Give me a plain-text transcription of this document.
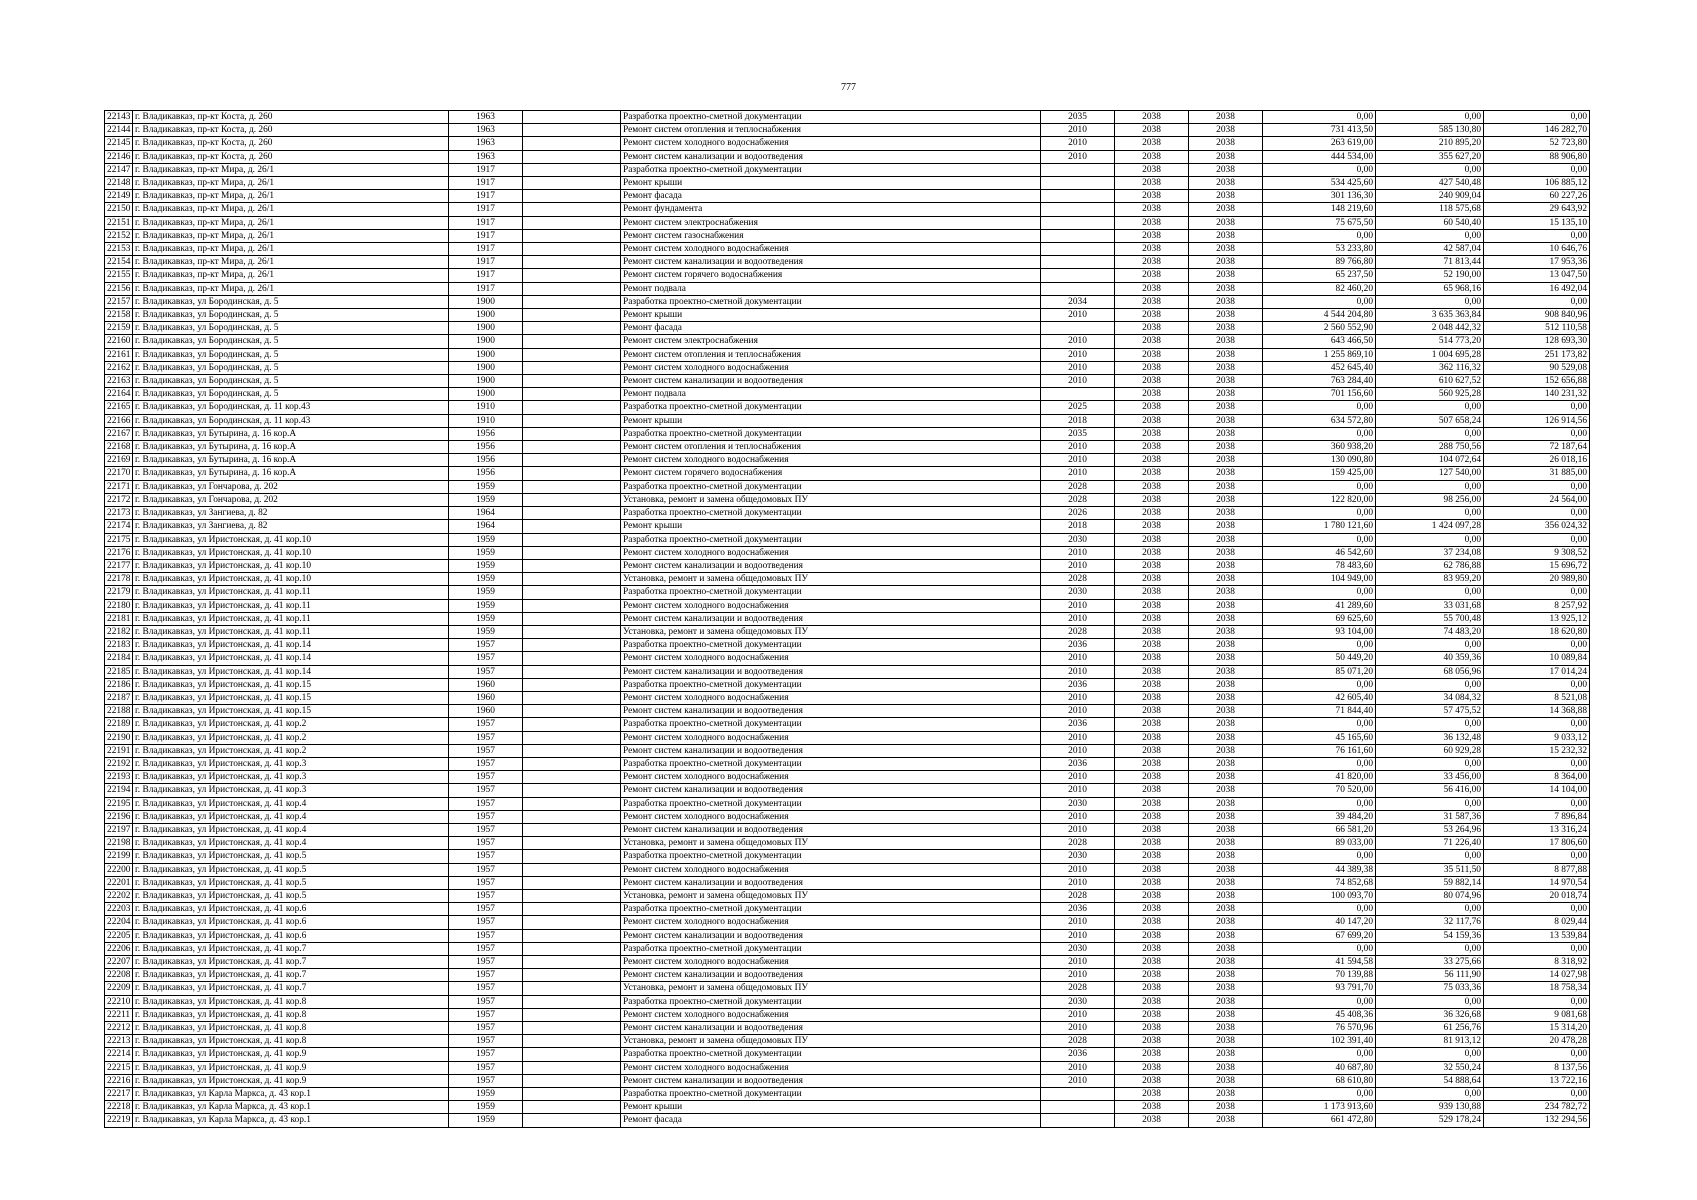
777
22143	г. Владикавказ, пр-кт Коста, д. 260	1963		Разработка проектно-сметной документации	2035	2038	2038	0,00	0,00	0,00
22144	г. Владикавказ, пр-кт Коста, д. 260	1963		Ремонт систем отопления и теплоснабжения	2010	2038	2038	731 413,50	585 130,80	146 282,70
22145	г. Владикавказ, пр-кт Коста, д. 260	1963		Ремонт систем холодного водоснабжения	2010	2038	2038	263 619,00	210 895,20	52 723,80
22146	г. Владикавказ, пр-кт Коста, д. 260	1963		Ремонт систем канализации и водоотведения	2010	2038	2038	444 534,00	355 627,20	88 906,80
22147	г. Владикавказ, пр-кт Мира, д. 26/1	1917		Разработка проектно-сметной документации		2038	2038	0,00	0,00	0,00
22148	г. Владикавказ, пр-кт Мира, д. 26/1	1917		Ремонт крыши		2038	2038	534 425,60	427 540,48	106 885,12
22149	г. Владикавказ, пр-кт Мира, д. 26/1	1917		Ремонт фасада		2038	2038	301 136,30	240 909,04	60 227,26
22150	г. Владикавказ, пр-кт Мира, д. 26/1	1917		Ремонт фундамента		2038	2038	148 219,60	118 575,68	29 643,92
22151	г. Владикавказ, пр-кт Мира, д. 26/1	1917		Ремонт систем электроснабжения		2038	2038	75 675,50	60 540,40	15 135,10
22152	г. Владикавказ, пр-кт Мира, д. 26/1	1917		Ремонт систем газоснабжения		2038	2038	0,00	0,00	0,00
22153	г. Владикавказ, пр-кт Мира, д. 26/1	1917		Ремонт систем холодного водоснабжения		2038	2038	53 233,80	42 587,04	10 646,76
22154	г. Владикавказ, пр-кт Мира, д. 26/1	1917		Ремонт систем канализации и водоотведения		2038	2038	89 766,80	71 813,44	17 953,36
22155	г. Владикавказ, пр-кт Мира, д. 26/1	1917		Ремонт систем горячего водоснабжения		2038	2038	65 237,50	52 190,00	13 047,50
22156	г. Владикавказ, пр-кт Мира, д. 26/1	1917		Ремонт подвала		2038	2038	82 460,20	65 968,16	16 492,04
22157	г. Владикавказ, ул Бородинская, д. 5	1900		Разработка проектно-сметной документации	2034	2038	2038	0,00	0,00	0,00
22158	г. Владикавказ, ул Бородинская, д. 5	1900		Ремонт крыши	2010	2038	2038	4 544 204,80	3 635 363,84	908 840,96
22159	г. Владикавказ, ул Бородинская, д. 5	1900		Ремонт фасада		2038	2038	2 560 552,90	2 048 442,32	512 110,58
22160	г. Владикавказ, ул Бородинская, д. 5	1900		Ремонт систем электроснабжения	2010	2038	2038	643 466,50	514 773,20	128 693,30
22161	г. Владикавказ, ул Бородинская, д. 5	1900		Ремонт систем отопления и теплоснабжения	2010	2038	2038	1 255 869,10	1 004 695,28	251 173,82
22162	г. Владикавказ, ул Бородинская, д. 5	1900		Ремонт систем холодного водоснабжения	2010	2038	2038	452 645,40	362 116,32	90 529,08
22163	г. Владикавказ, ул Бородинская, д. 5	1900		Ремонт систем канализации и водоотведения	2010	2038	2038	763 284,40	610 627,52	152 656,88
22164	г. Владикавказ, ул Бородинская, д. 5	1900		Ремонт подвала		2038	2038	701 156,60	560 925,28	140 231,32
22165	г. Владикавказ, ул Бородинская, д. 11 кор.43	1910		Разработка проектно-сметной документации	2025	2038	2038	0,00	0,00	0,00
22166	г. Владикавказ, ул Бородинская, д. 11 кор.43	1910		Ремонт крыши	2018	2038	2038	634 572,80	507 658,24	126 914,56
22167	г. Владикавказ, ул Бутырина, д. 16 кор.А	1956		Разработка проектно-сметной документации	2035	2038	2038	0,00	0,00	0,00
22168	г. Владикавказ, ул Бутырина, д. 16 кор.А	1956		Ремонт систем отопления и теплоснабжения	2010	2038	2038	360 938,20	288 750,56	72 187,64
22169	г. Владикавказ, ул Бутырина, д. 16 кор.А	1956		Ремонт систем холодного водоснабжения	2010	2038	2038	130 090,80	104 072,64	26 018,16
22170	г. Владикавказ, ул Бутырина, д. 16 кор.А	1956		Ремонт систем горячего водоснабжения	2010	2038	2038	159 425,00	127 540,00	31 885,00
22171	г. Владикавказ, ул Гончарова, д. 202	1959		Разработка проектно-сметной документации	2028	2038	2038	0,00	0,00	0,00
22172	г. Владикавказ, ул Гончарова, д. 202	1959		Установка, ремонт и замена общедомовых ПУ	2028	2038	2038	122 820,00	98 256,00	24 564,00
22173	г. Владикавказ, ул Зангиева, д. 82	1964		Разработка проектно-сметной документации	2026	2038	2038	0,00	0,00	0,00
22174	г. Владикавказ, ул Зангиева, д. 82	1964		Ремонт крыши	2018	2038	2038	1 780 121,60	1 424 097,28	356 024,32
22175	г. Владикавказ, ул Иристонская, д. 41 кор.10	1959		Разработка проектно-сметной документации	2030	2038	2038	0,00	0,00	0,00
22176	г. Владикавказ, ул Иристонская, д. 41 кор.10	1959		Ремонт систем холодного водоснабжения	2010	2038	2038	46 542,60	37 234,08	9 308,52
22177	г. Владикавказ, ул Иристонская, д. 41 кор.10	1959		Ремонт систем канализации и водоотведения	2010	2038	2038	78 483,60	62 786,88	15 696,72
22178	г. Владикавказ, ул Иристонская, д. 41 кор.10	1959		Установка, ремонт и замена общедомовых ПУ	2028	2038	2038	104 949,00	83 959,20	20 989,80
22179	г. Владикавказ, ул Иристонская, д. 41 кор.11	1959		Разработка проектно-сметной документации	2030	2038	2038	0,00	0,00	0,00
22180	г. Владикавказ, ул Иристонская, д. 41 кор.11	1959		Ремонт систем холодного водоснабжения	2010	2038	2038	41 289,60	33 031,68	8 257,92
22181	г. Владикавказ, ул Иристонская, д. 41 кор.11	1959		Ремонт систем канализации и водоотведения	2010	2038	2038	69 625,60	55 700,48	13 925,12
22182	г. Владикавказ, ул Иристонская, д. 41 кор.11	1959		Установка, ремонт и замена общедомовых ПУ	2028	2038	2038	93 104,00	74 483,20	18 620,80
22183	г. Владикавказ, ул Иристонская, д. 41 кор.14	1957		Разработка проектно-сметной документации	2036	2038	2038	0,00	0,00	0,00
22184	г. Владикавказ, ул Иристонская, д. 41 кор.14	1957		Ремонт систем холодного водоснабжения	2010	2038	2038	50 449,20	40 359,36	10 089,84
22185	г. Владикавказ, ул Иристонская, д. 41 кор.14	1957		Ремонт систем канализации и водоотведения	2010	2038	2038	85 071,20	68 056,96	17 014,24
22186	г. Владикавказ, ул Иристонская, д. 41 кор.15	1960		Разработка проектно-сметной документации	2036	2038	2038	0,00	0,00	0,00
22187	г. Владикавказ, ул Иристонская, д. 41 кор.15	1960		Ремонт систем холодного водоснабжения	2010	2038	2038	42 605,40	34 084,32	8 521,08
22188	г. Владикавказ, ул Иристонская, д. 41 кор.15	1960		Ремонт систем канализации и водоотведения	2010	2038	2038	71 844,40	57 475,52	14 368,88
22189	г. Владикавказ, ул Иристонская, д. 41 кор.2	1957		Разработка проектно-сметной документации	2036	2038	2038	0,00	0,00	0,00
22190	г. Владикавказ, ул Иристонская, д. 41 кор.2	1957		Ремонт систем холодного водоснабжения	2010	2038	2038	45 165,60	36 132,48	9 033,12
22191	г. Владикавказ, ул Иристонская, д. 41 кор.2	1957		Ремонт систем канализации и водоотведения	2010	2038	2038	76 161,60	60 929,28	15 232,32
22192	г. Владикавказ, ул Иристонская, д. 41 кор.3	1957		Разработка проектно-сметной документации	2036	2038	2038	0,00	0,00	0,00
22193	г. Владикавказ, ул Иристонская, д. 41 кор.3	1957		Ремонт систем холодного водоснабжения	2010	2038	2038	41 820,00	33 456,00	8 364,00
22194	г. Владикавказ, ул Иристонская, д. 41 кор.3	1957		Ремонт систем канализации и водоотведения	2010	2038	2038	70 520,00	56 416,00	14 104,00
22195	г. Владикавказ, ул Иристонская, д. 41 кор.4	1957		Разработка проектно-сметной документации	2030	2038	2038	0,00	0,00	0,00
22196	г. Владикавказ, ул Иристонская, д. 41 кор.4	1957		Ремонт систем холодного водоснабжения	2010	2038	2038	39 484,20	31 587,36	7 896,84
22197	г. Владикавказ, ул Иристонская, д. 41 кор.4	1957		Ремонт систем канализации и водоотведения	2010	2038	2038	66 581,20	53 264,96	13 316,24
22198	г. Владикавказ, ул Иристонская, д. 41 кор.4	1957		Установка, ремонт и замена общедомовых ПУ	2028	2038	2038	89 033,00	71 226,40	17 806,60
22199	г. Владикавказ, ул Иристонская, д. 41 кор.5	1957		Разработка проектно-сметной документации	2030	2038	2038	0,00	0,00	0,00
22200	г. Владикавказ, ул Иристонская, д. 41 кор.5	1957		Ремонт систем холодного водоснабжения	2010	2038	2038	44 389,38	35 511,50	8 877,88
22201	г. Владикавказ, ул Иристонская, д. 41 кор.5	1957		Ремонт систем канализации и водоотведения	2010	2038	2038	74 852,68	59 882,14	14 970,54
22202	г. Владикавказ, ул Иристонская, д. 41 кор.5	1957		Установка, ремонт и замена общедомовых ПУ	2028	2038	2038	100 093,70	80 074,96	20 018,74
22203	г. Владикавказ, ул Иристонская, д. 41 кор.6	1957		Разработка проектно-сметной документации	2036	2038	2038	0,00	0,00	0,00
22204	г. Владикавказ, ул Иристонская, д. 41 кор.6	1957		Ремонт систем холодного водоснабжения	2010	2038	2038	40 147,20	32 117,76	8 029,44
22205	г. Владикавказ, ул Иристонская, д. 41 кор.6	1957		Ремонт систем канализации и водоотведения	2010	2038	2038	67 699,20	54 159,36	13 539,84
22206	г. Владикавказ, ул Иристонская, д. 41 кор.7	1957		Разработка проектно-сметной документации	2030	2038	2038	0,00	0,00	0,00
22207	г. Владикавказ, ул Иристонская, д. 41 кор.7	1957		Ремонт систем холодного водоснабжения	2010	2038	2038	41 594,58	33 275,66	8 318,92
22208	г. Владикавказ, ул Иристонская, д. 41 кор.7	1957		Ремонт систем канализации и водоотведения	2010	2038	2038	70 139,88	56 111,90	14 027,98
22209	г. Владикавказ, ул Иристонская, д. 41 кор.7	1957		Установка, ремонт и замена общедомовых ПУ	2028	2038	2038	93 791,70	75 033,36	18 758,34
22210	г. Владикавказ, ул Иристонская, д. 41 кор.8	1957		Разработка проектно-сметной документации	2030	2038	2038	0,00	0,00	0,00
22211	г. Владикавказ, ул Иристонская, д. 41 кор.8	1957		Ремонт систем холодного водоснабжения	2010	2038	2038	45 408,36	36 326,68	9 081,68
22212	г. Владикавказ, ул Иристонская, д. 41 кор.8	1957		Ремонт систем канализации и водоотведения	2010	2038	2038	76 570,96	61 256,76	15 314,20
22213	г. Владикавказ, ул Иристонская, д. 41 кор.8	1957		Установка, ремонт и замена общедомовых ПУ	2028	2038	2038	102 391,40	81 913,12	20 478,28
22214	г. Владикавказ, ул Иристонская, д. 41 кор.9	1957		Разработка проектно-сметной документации	2036	2038	2038	0,00	0,00	0,00
22215	г. Владикавказ, ул Иристонская, д. 41 кор.9	1957		Ремонт систем холодного водоснабжения	2010	2038	2038	40 687,80	32 550,24	8 137,56
22216	г. Владикавказ, ул Иристонская, д. 41 кор.9	1957		Ремонт систем канализации и водоотведения	2010	2038	2038	68 610,80	54 888,64	13 722,16
22217	г. Владикавказ, ул Карла Маркса, д. 43 кор.1	1959		Разработка проектно-сметной документации		2038	2038	0,00	0,00	0,00
22218	г. Владикавказ, ул Карла Маркса, д. 43 кор.1	1959		Ремонт крыши		2038	2038	1 173 913,60	939 130,88	234 782,72
22219	г. Владикавказ, ул Карла Маркса, д. 43 кор.1	1959		Ремонт фасада		2038	2038	661 472,80	529 178,24	132 294,56
